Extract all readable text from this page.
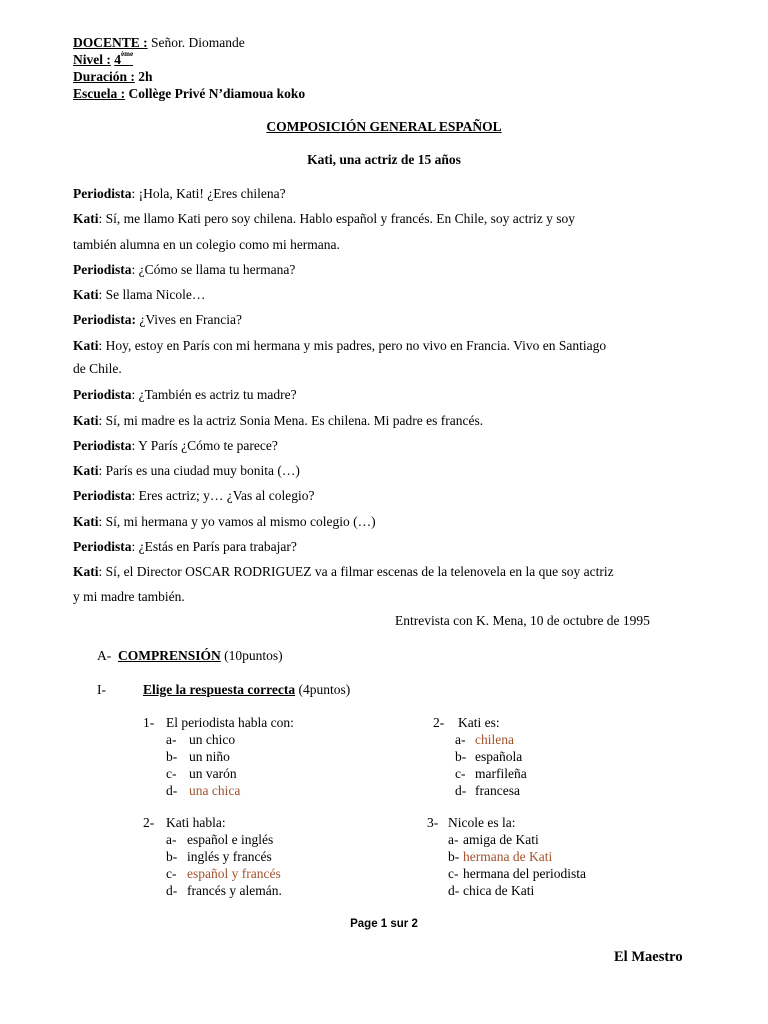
DOCENTE : Señor. Diomande
Nivel : 4ème
Duración : 2h
Escuela : Collège Privé N’diamoua koko
COMPOSICIÓN GENERAL ESPAÑOL
Kati, una actriz de 15 años
Periodista: ¡Hola, Kati! ¿Eres chilena?
Kati: Sí, me llamo Kati pero soy chilena. Hablo español y francés. En Chile, soy actriz y soy
también alumna en un colegio como mi hermana.
Periodista: ¿Cómo se llama tu hermana?
Kati: Se llama Nicole…
Periodista: ¿Vives en Francia?
Kati: Hoy, estoy en París con mi hermana y mis padres, pero no vivo en Francia. Vivo en Santiago
de Chile.
Periodista: ¿También es actriz tu madre?
Kati: Sí, mi madre es la actriz Sonia Mena. Es chilena. Mi padre es francés.
Periodista: Y París ¿Cómo te parece?
Kati: París es una ciudad muy bonita (…)
Periodista: Eres actriz; y… ¿Vas al colegio?
Kati: Sí, mi hermana y yo vamos al mismo colegio (…)
Periodista: ¿Estás en París para trabajar?
Kati: Sí, el Director OSCAR RODRIGUEZ va a filmar escenas de la telenovela en la que soy actriz
y mi madre también.
Entrevista con K. Mena, 10 de octubre de 1995
A- COMPRENSIÓN (10puntos)
I-	Elige la respuesta correcta (4puntos)
1- El periodista habla con:
a- un chico
b- un niño
c- un varón
d- una chica
2- Kati es:
a- chilena
b- española
c- marfileña
d- francesa
2- Kati habla:
a- español e inglés
b- inglés y francés
c- español y francés
d- francés y alemán.
3- Nicole es la:
a- amiga de Kati
b- hermana de Kati
c- hermana del periodista
d- chica de Kati
Page 1 sur 2
El Maestro
